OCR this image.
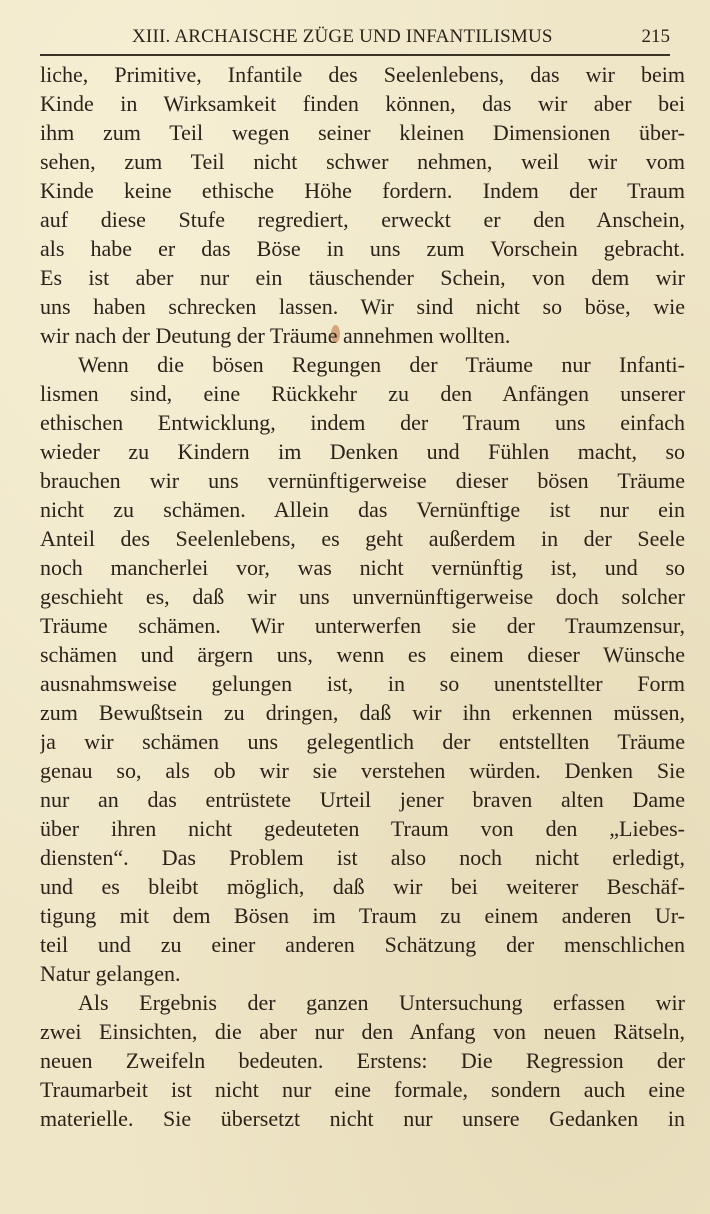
XIII. ARCHAISCHE ZÜGE UND INFANTILISMUS	215
liche, Primitive, Infantile des Seelenlebens, das wir beim
Kinde in Wirksamkeit finden können, das wir aber bei
ihm zum Teil wegen seiner kleinen Dimensionen über-
sehen, zum Teil nicht schwer nehmen, weil wir vom
Kinde keine ethische Höhe fordern. Indem der Traum
auf diese Stufe regrediert, erweckt er den Anschein,
als habe er das Böse in uns zum Vorschein gebracht.
Es ist aber nur ein täuschender Schein, von dem wir
uns haben schrecken lassen. Wir sind nicht so böse, wie
wir nach der Deutung der Träume annehmen wollten.
Wenn die bösen Regungen der Träume nur Infanti-
lismen sind, eine Rückkehr zu den Anfängen unserer
ethischen Entwicklung, indem der Traum uns einfach
wieder zu Kindern im Denken und Fühlen macht, so
brauchen wir uns vernünftigerweise dieser bösen Träume
nicht zu schämen. Allein das Vernünftige ist nur ein
Anteil des Seelenlebens, es geht außerdem in der Seele
noch mancherlei vor, was nicht vernünftig ist, und so
geschieht es, daß wir uns unvernünftigerweise doch solcher
Träume schämen. Wir unterwerfen sie der Traumzensur,
schämen und ärgern uns, wenn es einem dieser Wünsche
ausnahmsweise gelungen ist, in so unentstellter Form
zum Bewußtsein zu dringen, daß wir ihn erkennen müssen,
ja wir schämen uns gelegentlich der entstellten Träume
genau so, als ob wir sie verstehen würden. Denken Sie
nur an das entrüstete Urteil jener braven alten Dame
über ihren nicht gedeuteten Traum von den „Liebes-
diensten“. Das Problem ist also noch nicht erledigt,
und es bleibt möglich, daß wir bei weiterer Beschäf-
tigung mit dem Bösen im Traum zu einem anderen Ur-
teil und zu einer anderen Schätzung der menschlichen
Natur gelangen.
Als Ergebnis der ganzen Untersuchung erfassen wir
zwei Einsichten, die aber nur den Anfang von neuen Rätseln,
neuen Zweifeln bedeuten. Erstens: Die Regression der
Traumarbeit ist nicht nur eine formale, sondern auch eine
materielle. Sie übersetzt nicht nur unsere Gedanken in
